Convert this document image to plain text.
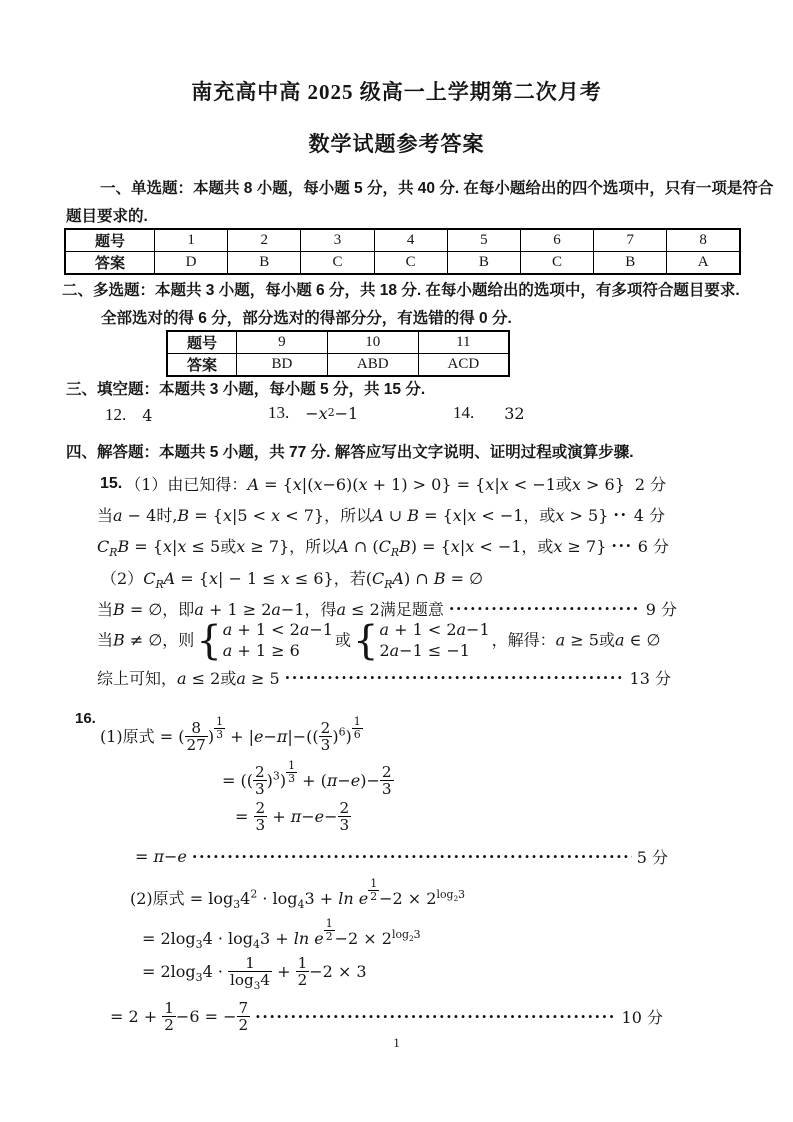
南充高中高 2025 级高一上学期第二次月考
数学试题参考答案
一、单选题：本题共 8 小题，每小题 5 分，共 40 分. 在每小题给出的四个选项中，只有一项是符合
题目要求的.
题号	1	2	3	4	5	6	7	8
答案	D	B	C	C	B	C	B	A
二、多选题：本题共 3 小题，每小题 6 分，共 18 分. 在每小题给出的选项中，有多项符合题目要求.
全部选对的得 6 分，部分选对的得部分分，有选错的得 0 分.
题号	9	10	11
答案	BD	ABD	ACD
三、填空题：本题共 3 小题，每小题 5 分，共 15 分.
12. 4	13. − x 2 −1	14. 32
四、解答题：本题共 5 小题，共 77 分. 解答应写出文字说明、证明过程或演算步骤.
15. （1）由已知得：A = {x|(x−6)(x + 1) > 0} = {x|x < −1或x > 6} 2 分
当a − 4时,B = {x|5 < x < 7}，所以A ∪ B = {x|x < −1，或x > 5} ····· 4 分
$C_RB = \{x|x \le 5$或x ≥ 7}，所以A ∩ $(C_RB) = \{x|x < -1$，或x ≥ 7} ····· 6 分
$(2)C_RA = \{x| - 1 \le x \le 6\}$，若$(C_RA)$ ∩ B = ∅
当B = ∅，即a + 1 ≥ 2a−1，得a ≤ 2满足题意 ·····	9 分
当B ≠ ∅，则 { a + 1 < 2a−1
a + 1 ≥ 6
或 { a + 1 < 2a−1
2a−1 ≤ −1
，解得：a ≥ 5或a ∈ ∅
综上可知，a ≤ 2或a ≥ 5 ·····	13 分
16.
(1)原式 = ( $\frac{8}{27}$ ) $^{\frac{1}{3}} + |e-\pi|-(( \frac{2}{3} )^6)$ $^{\frac{1}{6}}$
= (( $\frac{2}{3} )^3$) $^{\frac{1}{3}} + (\pi-e)- \frac{2}{3}$
= $\frac{2}{3} + \pi-e- \frac{2}{3}$
= π−e ·····	5 分
(2)原式 = $\log_34^2 \cdot \log_43 + \ln e$ $^{\frac{1}{2}} -2 \times 2^{log_23}$
= $2\log_34 \cdot \log_43 + \ln e$ $^{\frac{1}{2}} -2 \times 2^{log_23}$
= $2\log_34 \cdot \frac{1}{\log_34} + \frac{1}{2} -2 \times 3$
= $2 + \frac{1}{2} -6$ = − $\frac{7}{2}$ ·····	10 分
1
